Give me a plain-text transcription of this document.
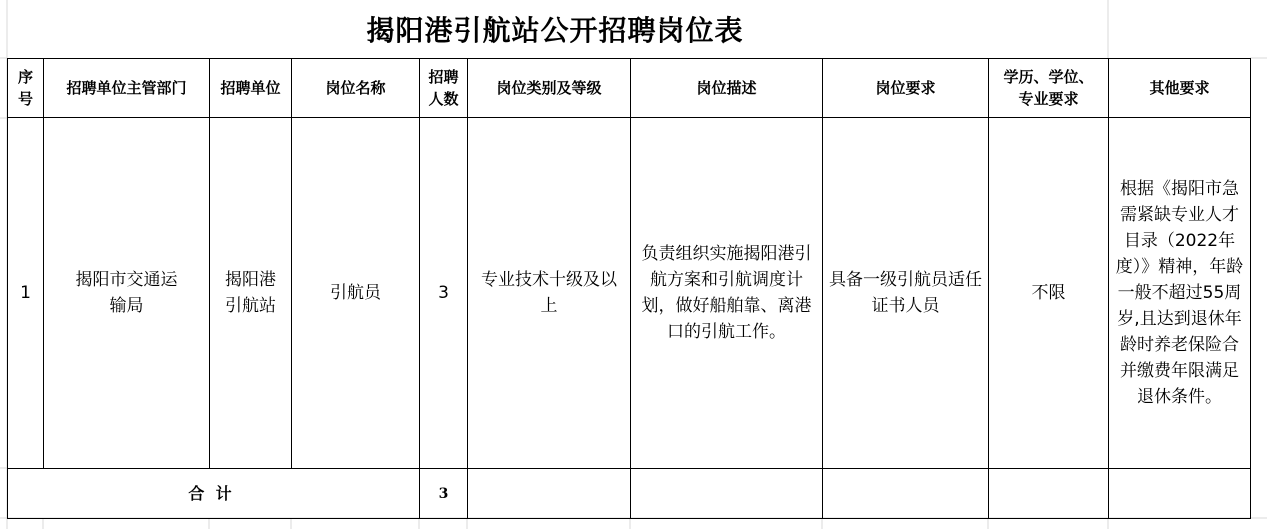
揭阳港引航站公开招聘岗位表
序号	招聘单位主管部门	招聘单位	岗位名称	招聘人数	岗位类别及等级	岗位描述	岗位要求	学历、学位、专业要求	其他要求
1	揭阳市交通运输局	揭阳港引航站	引航员	3	专业技术十级及以上	负责组织实施揭阳港引航方案和引航调度计划，做好船舶靠、离港口的引航工作。	具备一级引航员适任证书人员	不限	根据《揭阳市急需紧缺专业人才目录（2022年度）》精神，年龄一般不超过55周岁,且达到退休年龄时养老保险合并缴费年限满足退休条件。
合  计				3					
